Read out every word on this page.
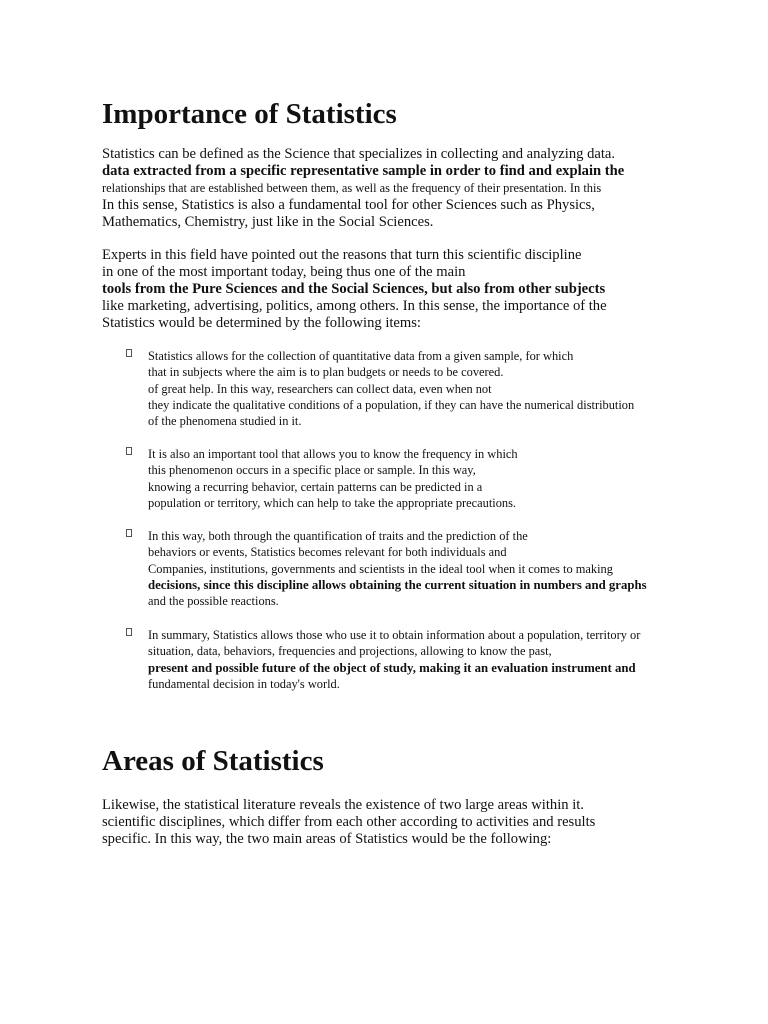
Importance of Statistics
Statistics can be defined as the Science that specializes in collecting and analyzing data.
data extracted from a specific representative sample in order to find and explain the
relationships that are established between them, as well as the frequency of their presentation. In this
In this sense, Statistics is also a fundamental tool for other Sciences such as Physics,
Mathematics, Chemistry, just like in the Social Sciences.
Experts in this field have pointed out the reasons that turn this scientific discipline
in one of the most important today, being thus one of the main
tools from the Pure Sciences and the Social Sciences, but also from other subjects
like marketing, advertising, politics, among others. In this sense, the importance of the
Statistics would be determined by the following items:
Statistics allows for the collection of quantitative data from a given sample, for which
that in subjects where the aim is to plan budgets or needs to be covered.
of great help. In this way, researchers can collect data, even when not
they indicate the qualitative conditions of a population, if they can have the numerical distribution
of the phenomena studied in it.
It is also an important tool that allows you to know the frequency in which
this phenomenon occurs in a specific place or sample. In this way,
knowing a recurring behavior, certain patterns can be predicted in a
population or territory, which can help to take the appropriate precautions.
In this way, both through the quantification of traits and the prediction of the
behaviors or events, Statistics becomes relevant for both individuals and
Companies, institutions, governments and scientists in the ideal tool when it comes to making
decisions, since this discipline allows obtaining the current situation in numbers and graphs
and the possible reactions.
In summary, Statistics allows those who use it to obtain information about a population, territory or
situation, data, behaviors, frequencies and projections, allowing to know the past,
present and possible future of the object of study, making it an evaluation instrument and
fundamental decision in today's world.
Areas of Statistics
Likewise, the statistical literature reveals the existence of two large areas within it.
scientific disciplines, which differ from each other according to activities and results
specific. In this way, the two main areas of Statistics would be the following:
